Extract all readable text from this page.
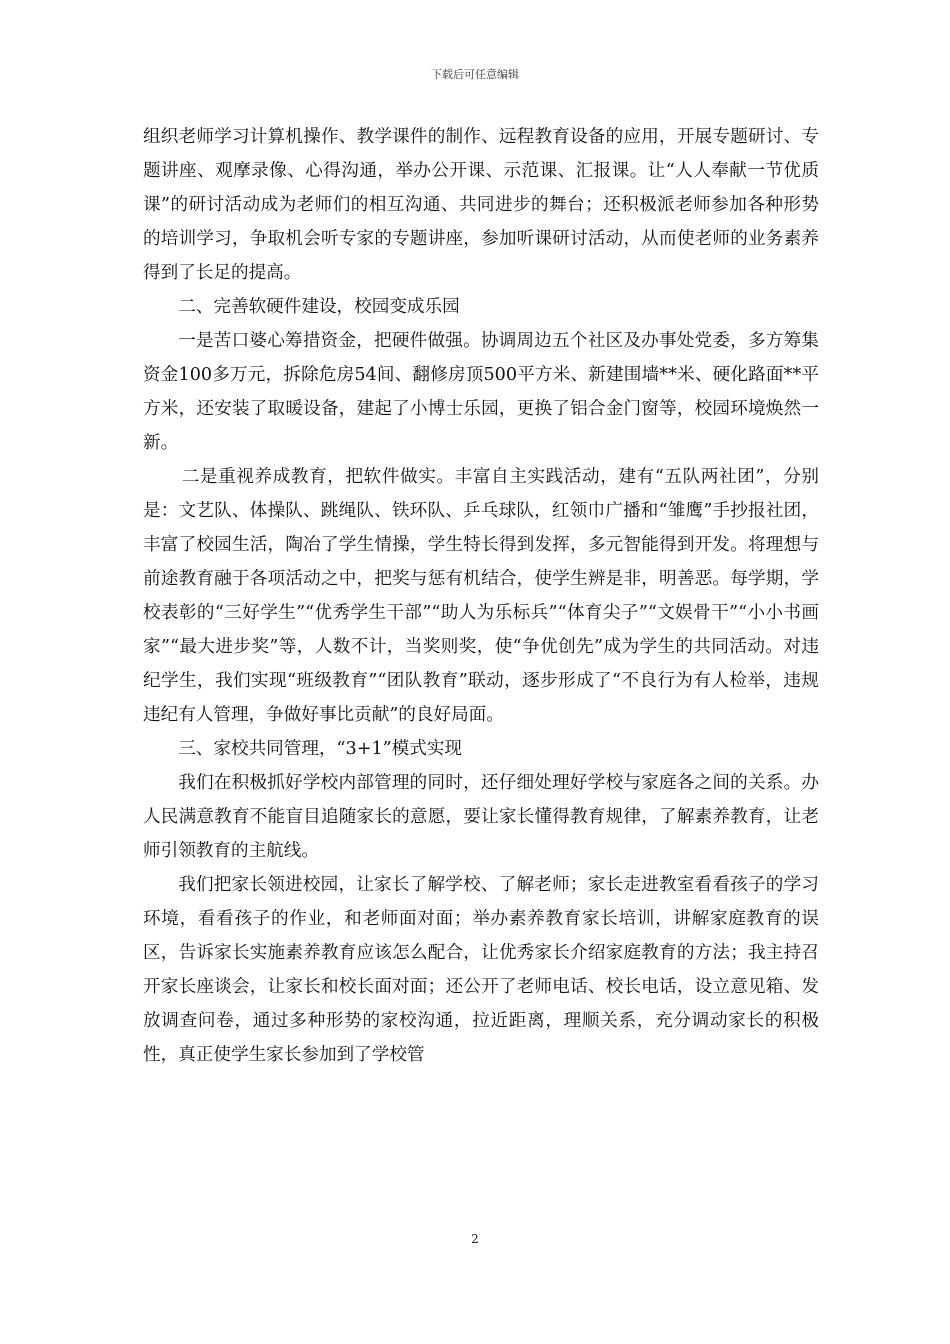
下载后可任意编辑

组织老师学习计算机操作、教学课件的制作、远程教育设备的应用，开展专题研讨、专题讲座、观摩录像、心得沟通，举办公开课、示范课、汇报课。让“人人奉献一节优质课”的研讨活动成为老师们的相互沟通、共同进步的舞台；还积极派老师参加各种形势的培训学习，争取机会听专家的专题讲座，参加听课研讨活动，从而使老师的业务素养得到了长足的提高。

二、完善软硬件建设，校园变成乐园

一是苦口婆心筹措资金，把硬件做强。协调周边五个社区及办事处党委，多方筹集资金100多万元，拆除危房54间、翻修房顶500平方米、新建围墙**米、硬化路面**平方米，还安装了取暖设备，建起了小博士乐园，更换了铝合金门窗等，校园环境焕然一新。

二是重视养成教育，把软件做实。丰富自主实践活动，建有“五队两社团”，分别是：文艺队、体操队、跳绳队、铁环队、乒乓球队，红领巾广播和“雏鹰”手抄报社团，丰富了校园生活，陶冶了学生情操，学生特长得到发挥，多元智能得到开发。将理想与前途教育融于各项活动之中，把奖与惩有机结合，使学生辨是非，明善恶。每学期，学校表彰的“三好学生”“优秀学生干部”“助人为乐标兵”“体育尖子”“文娱骨干”“小小书画家”“最大进步奖”等，人数不计，当奖则奖，使“争优创先”成为学生的共同活动。对违纪学生，我们实现“班级教育”“团队教育”联动，逐步形成了“不良行为有人检举，违规违纪有人管理，争做好事比贡献”的良好局面。

三、家校共同管理，“3+1”模式实现

我们在积极抓好学校内部管理的同时，还仔细处理好学校与家庭各之间的关系。办人民满意教育不能盲目追随家长的意愿，要让家长懂得教育规律，了解素养教育，让老师引领教育的主航线。

我们把家长领进校园，让家长了解学校、了解老师；家长走进教室看看孩子的学习环境，看看孩子的作业，和老师面对面；举办素养教育家长培训，讲解家庭教育的误区，告诉家长实施素养教育应该怎么配合，让优秀家长介绍家庭教育的方法；我主持召开家长座谈会，让家长和校长面对面；还公开了老师电话、校长电话，设立意见箱、发放调查问卷，通过多种形势的家校沟通，拉近距离，理顺关系，充分调动家长的积极性，真正使学生家长参加到了学校管

2
